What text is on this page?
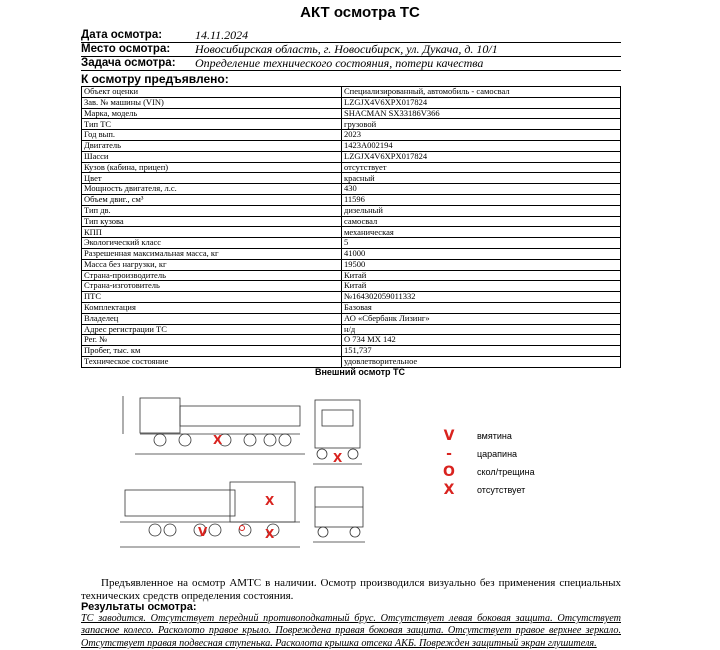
АКТ осмотра ТС
Дата осмотра:	14.11.2024
Место осмотра: Новосибирская область, г. Новосибирск, ул. Дукача, д. 10/1
Задача осмотра: Определение технического состояния, потери качества
К осмотру предъявлено:
Объект оценки	Специализированный, автомобиль - самосвал
Зав. № машины (VIN)	LZGJX4V6XPX017824
Марка, модель	SHACMAN SX33186V366
Тип ТС	грузовой
Год вып.	2023
Двигатель	1423A002194
Шасси	LZGJX4V6XPX017824
Кузов (кабина, прицеп)	отсутствует
Цвет	красный
Мощность двигателя, л.с.	430
Объем двиг., см³	11596
Тип дв.	дизельный
Тип кузова	самосвал
КПП	механическая
Экологический класс	5
Разрешенная максимальная масса, кг	41000
Масса без нагрузки, кг	19500
Страна-производитель	Китай
Страна-изготовитель	Китай
ПТС	№164302059011332
Комплектация	Базовая
Владелец	АО «Сбербанк Лизинг»
Адрес регистрации ТС	н/д
Рег. №	О 734 МХ 142
Пробег, тыс. км	151,737
Техническое состояние	удовлетворительное
Внешний осмотр ТС
X
X
X
V	X
V	вмятина
-	царапина
O	скол/трещина
X	отсутствует
Предъявленное на осмотр АМТС в наличии. Осмотр производился визуально без применения специальных технических средств определения состояния.
Результаты осмотра:
ТС заводится. Отсутствует передний противоподкатный брус. Отсутствует левая боковая защита. Отсутствует запасное колесо. Расколото правое крыло. Повреждена правая боковая защита. Отсутствует правое верхнее зеркало. Отсутствует правая подвесная ступенька. Расколота крышка отсека АКБ. Поврежден защитный экран глушителя.
